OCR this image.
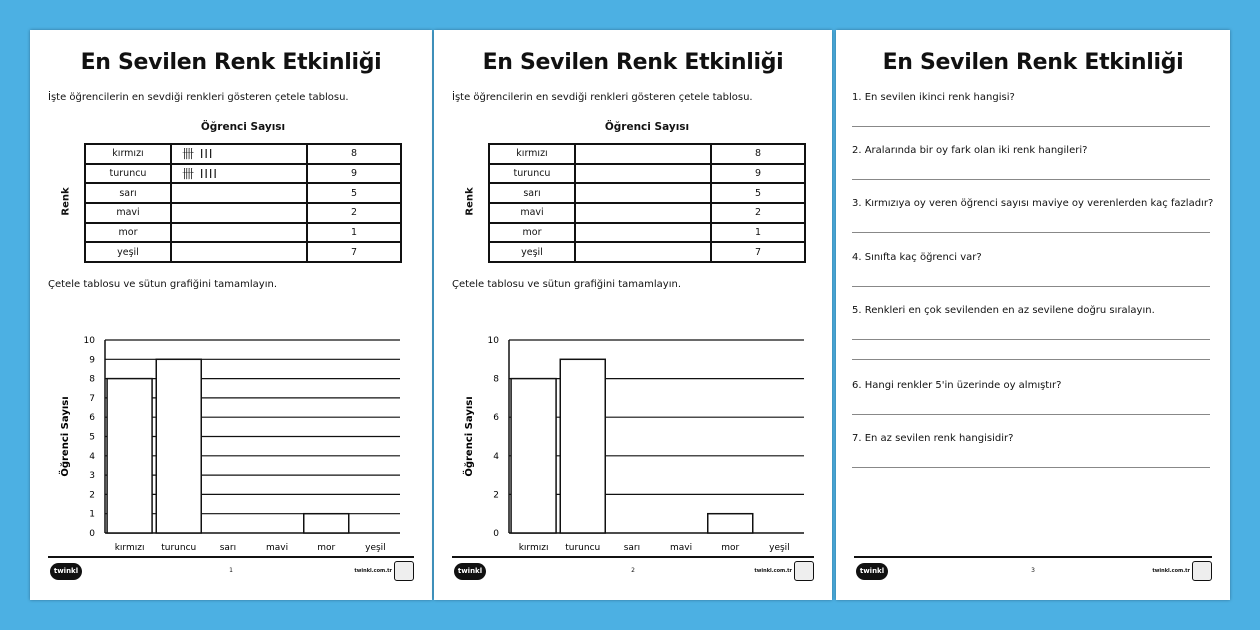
En Sevilen Renk Etkinliği
İşte öğrencilerin en sevdiği renkleri gösteren çetele tablosu.
Öğrenci Sayısı
Renk
kırmızı	卌 III	8
turuncu	卌 IIII	9
sarı		5
mavi		2
mor		1
yeşil		7
Çetele tablosu ve sütun grafiğini tamamlayın.
0
1
2
3
4
5
6
7
8
9
10
kırmızı turuncu	sarı	mavi	mor	yeşil
Öğrenci Sayısı
twinkl	1	twinkl.com.tr
En Sevilen Renk Etkinliği
İşte öğrencilerin en sevdiği renkleri gösteren çetele tablosu.
Öğrenci Sayısı
Renk
kırmızı		8
turuncu		9
sarı		5
mavi		2
mor		1
yeşil		7
Çetele tablosu ve sütun grafiğini tamamlayın.
0
2
4
6
8
10
kırmızı turuncu	sarı	mavi	mor	yeşil
Öğrenci Sayısı
twinkl	2	twinkl.com.tr
En Sevilen Renk Etkinliği
1. En sevilen ikinci renk hangisi?
2. Aralarında bir oy fark olan iki renk hangileri?
3. Kırmızıya oy veren öğrenci sayısı maviye oy verenlerden kaç fazladır?
4. Sınıfta kaç öğrenci var?
5. Renkleri en çok sevilenden en az sevilene doğru sıralayın.
6. Hangi renkler 5'in üzerinde oy almıştır?
7. En az sevilen renk hangisidir?
twinkl	3	twinkl.com.tr
